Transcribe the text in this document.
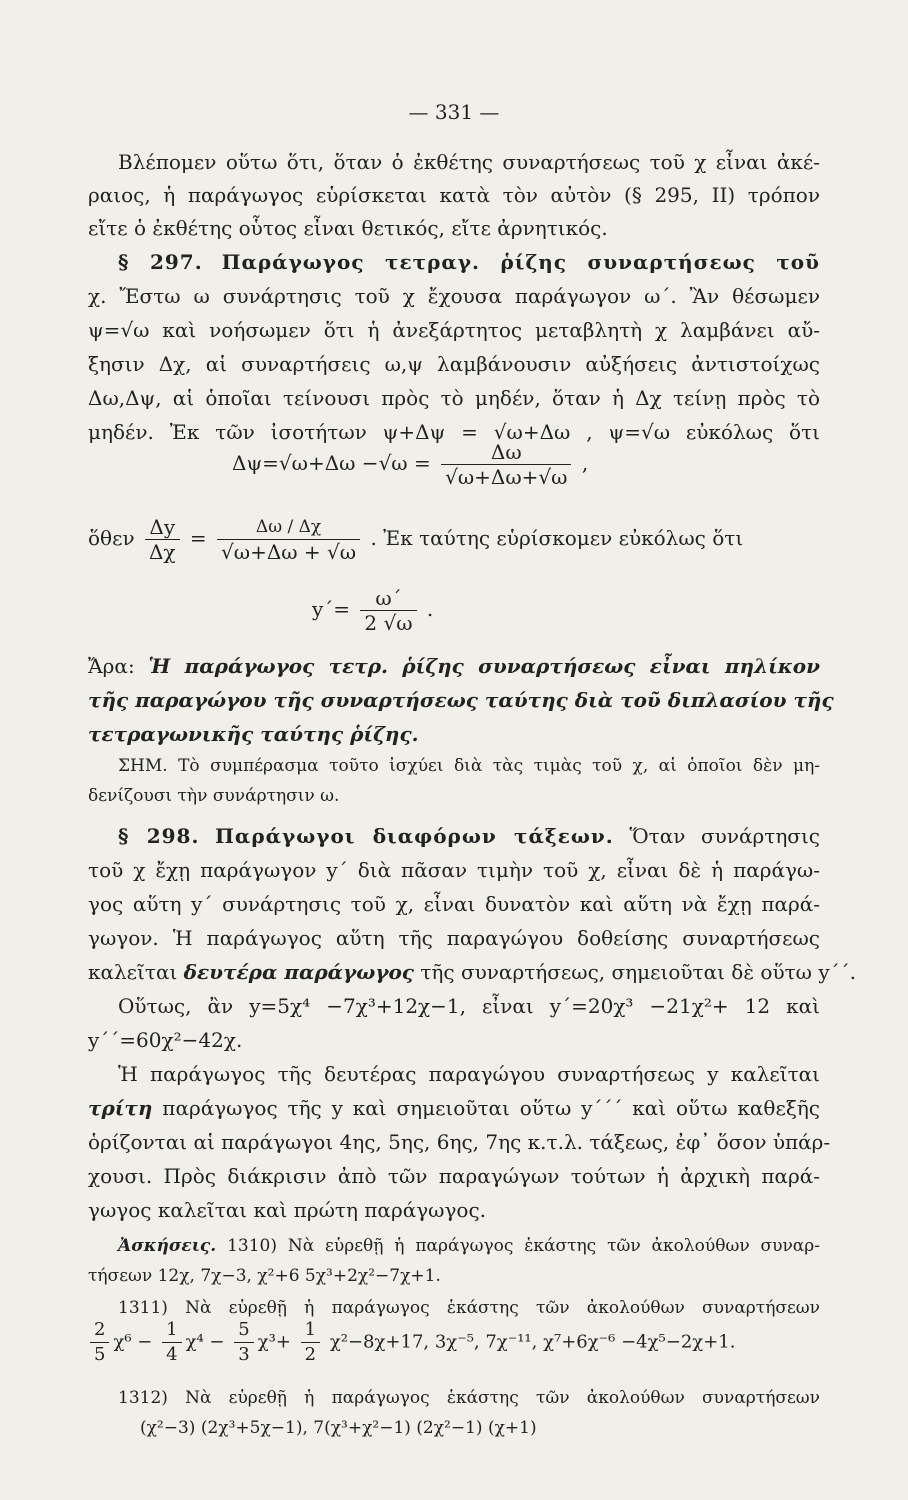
— 331 —
Βλέπομεν οὕτω ὅτι, ὅταν ὁ ἐκθέτης συναρτήσεως τοῦ χ εἶναι ἀκέ-
ραιος, ἡ παράγωγος εὑρίσκεται κατὰ τὸν αὐτὸν (§ 295, II) τρόπον
εἴτε ὁ ἐκθέτης οὗτος εἶναι θετικός, εἴτε ἀρνητικός.
§ 297. Παράγωγος τετραγ. ῥίζης συναρτήσεως τοῦ
χ. Ἔστω ω συνάρτησις τοῦ χ ἔχουσα παράγωγον ω΄. Ἂν θέσωμεν
ψ=√ω καὶ νοήσωμεν ὅτι ἡ ἀνεξάρτητος μεταβλητὴ χ λαμβάνει αὔ-
ξησιν Δχ, αἱ συναρτήσεις ω,ψ λαμβάνουσιν αὐξήσεις ἀντιστοίχως
Δω,Δψ, αἱ ὁποῖαι τείνουσι πρὸς τὸ μηδέν, ὅταν ἡ Δχ τείνῃ πρὸς τὸ
μηδέν. Ἐκ τῶν ἰσοτήτων ψ+Δψ = √ω+Δω , ψ=√ω εὐκόλως ὅτι
$\Delta\psi=√\omega+\Delta\omega -√\omega = \frac{\Delta\omega}{√\omega+\Delta\omega+√\omega}$ ,
ὅθεν $\frac{\Delta y}{\Delta\chi} = \frac{\Delta\omega / \Delta\chi}{√\omega+\Delta\omega + √\omega}$ . Ἐκ ταύτης εὑρίσκομεν εὐκόλως ὅτι
$y΄= \frac{\omega΄}{2 √\omega}$ .
Ἄρα: Ἡ παράγωγος τετρ. ῥίζης συναρτήσεως εἶναι πηλίκον
τῆς παραγώγου τῆς συναρτήσεως ταύτης διὰ τοῦ διπλασίου τῆς
τετραγωνικῆς ταύτης ῥίζης.
ΣΗΜ. Τὸ συμπέρασμα τοῦτο ἰσχύει διὰ τὰς τιμὰς τοῦ χ, αἱ ὁποῖοι δὲν μη-
δενίζουσι τὴν συνάρτησιν ω.
§ 298. Παράγωγοι διαφόρων τάξεων. Ὅταν συνάρτησις
τοῦ χ ἔχῃ παράγωγον y΄ διὰ πᾶσαν τιμὴν τοῦ χ, εἶναι δὲ ἡ παράγω-
γος αὕτη y΄ συνάρτησις τοῦ χ, εἶναι δυνατὸν καὶ αὕτη νὰ ἔχῃ παρά-
γωγον. Ἡ παράγωγος αὕτη τῆς παραγώγου δοθείσης συναρτήσεως
καλεῖται δευτέρα παράγωγος τῆς συναρτήσεως, σημειοῦται δὲ οὕτω y΄΄.
Οὕτως, ἂν y=5χ⁴ −7χ³+12χ−1, εἶναι y΄=20χ³ −21χ²+ 12 καὶ
y΄΄=60χ²−42χ.
Ἡ παράγωγος τῆς δευτέρας παραγώγου συναρτήσεως y καλεῖται
τρίτη παράγωγος τῆς y καὶ σημειοῦται οὕτω y΄΄΄ καὶ οὕτω καθεξῆς
ὁρίζονται αἱ παράγωγοι 4ης, 5ης, 6ης, 7ης κ.τ.λ. τάξεως, ἐφ᾽ ὅσον ὑπάρ-
χουσι. Πρὸς διάκρισιν ἀπὸ τῶν παραγώγων τούτων ἡ ἀρχικὴ παρά-
γωγος καλεῖται καὶ πρώτη παράγωγος.
Ἀσκήσεις. 1310) Νὰ εὑρεθῇ ἡ παράγωγος ἑκάστης τῶν ἀκολούθων συναρ-
τήσεων 12χ, 7χ−3, χ²+6 5χ³+2χ²−7χ+1.
1311) Νὰ εὑρεθῇ ἡ παράγωγος ἑκάστης τῶν ἀκολούθων συναρτήσεων
$\frac{2}{5} \chi^6 - \frac{1}{4} \chi^4 - \frac{5}{3} \chi^3+ \frac{1}{2} \chi^2-8\chi+17$, 3χ⁻⁵, 7χ⁻¹¹, χ⁷+6χ⁻⁶ −4χ⁵−2χ+1.
1312) Νὰ εὑρεθῇ ἡ παράγωγος ἑκάστης τῶν ἀκολούθων συναρτήσεων
(χ²−3) (2χ³+5χ−1), 7(χ³+χ²−1) (2χ²−1) (χ+1)
